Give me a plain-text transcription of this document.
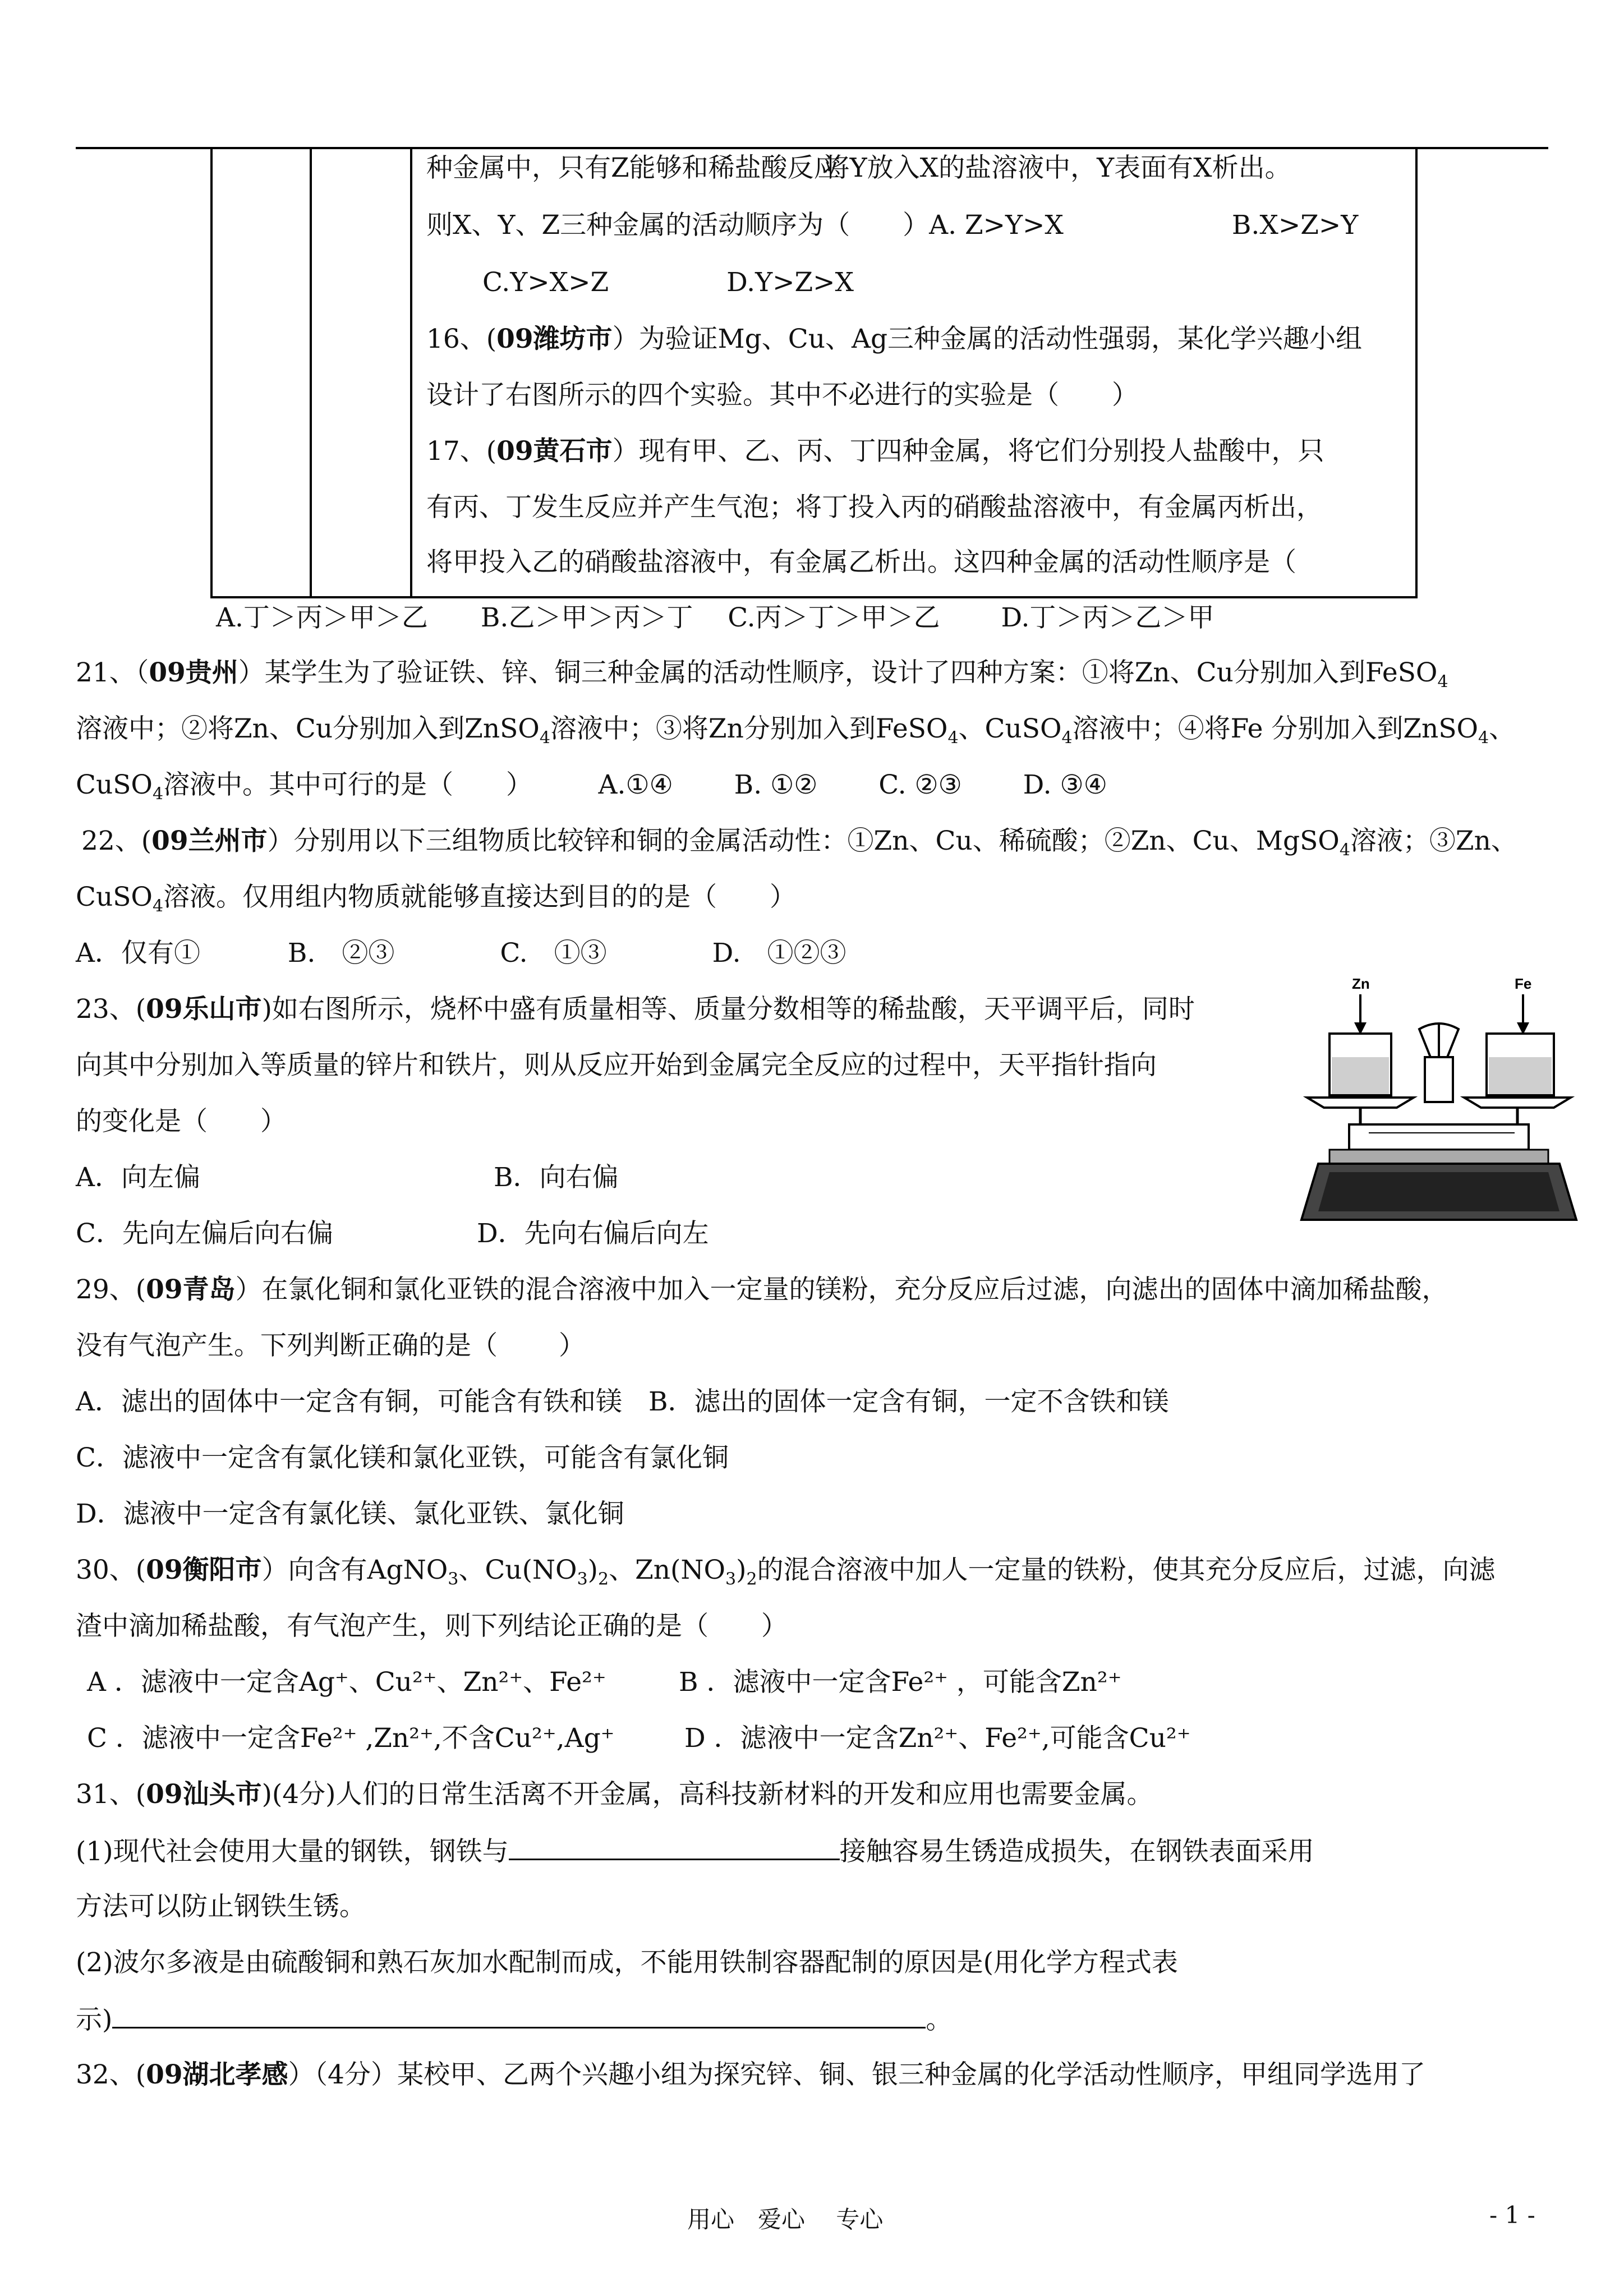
种金属中，只有Z能够和稀盐酸反应将Y放入X的盐溶液中，Y表面有X析出。
则X、Y、Z三种金属的活动顺序为（　　）A. Z>Y>X	B.X>Z>Y
C.Y>X>Z	D.Y>Z>X
16、(09潍坊市）为验证Mg、Cu、Ag三种金属的活动性强弱，某化学兴趣小组
设计了右图所示的四个实验。其中不必进行的实验是（　　）
17、(09黄石市）现有甲、乙、丙、丁四种金属，将它们分别投人盐酸中，只
有丙、丁发生反应并产生气泡；将丁投入丙的硝酸盐溶液中，有金属丙析出，
将甲投入乙的硝酸盐溶液中，有金属乙析出。这四种金属的活动性顺序是（
A.丁＞丙＞甲＞乙　　B.乙＞甲＞丙＞丁　 C.丙＞丁＞甲＞乙　　 D.丁＞丙＞乙＞甲
21、（09贵州）某学生为了验证铁、锌、铜三种金属的活动性顺序，设计了四种方案：①将Zn、Cu分别加入到FeSO$_4$
溶液中；②将Zn、Cu分别加入到ZnSO$_4$溶液中；③将Zn分别加入到FeSO$_4$、CuSO$_4$溶液中；④将Fe 分别加入到ZnSO$_4$、
CuSO$_4$溶液中。其中可行的是（　　）　　　A.①④　　 B. ①②　　 C. ②③　　 D. ③④
22、(09兰州市）分别用以下三组物质比较锌和铜的金属活动性：①Zn、Cu、稀硫酸；②Zn、Cu、MgSO$_4$溶液；③Zn、
CuSO$_4$溶液。仅用组内物质就能够直接达到目的的是（　　）
A．仅有①　　　 B.　②③　　　　C.　①③　　　　D.　①②③
23、(09乐山市)如右图所示，烧杯中盛有质量相等、质量分数相等的稀盐酸，天平调平后，同时
向其中分别加入等质量的锌片和铁片，则从反应开始到金属完全反应的过程中，天平指针指向
的变化是（　　）
A．向左偏	B．向右偏
C．先向左偏后向右偏	D．先向右偏后向左
Zn	Fe
29、(09青岛）在氯化铜和氯化亚铁的混合溶液中加入一定量的镁粉，充分反应后过滤，向滤出的固体中滴加稀盐酸，
没有气泡产生。下列判断正确的是（　　 ）
A．滤出的固体中一定含有铜，可能含有铁和镁　B．滤出的固体一定含有铜，一定不含铁和镁
C．滤液中一定含有氯化镁和氯化亚铁，可能含有氯化铜
D．滤液中一定含有氯化镁、氯化亚铁、氯化铜
30、(09衡阳市）向含有AgNO$_3$、$Cu(NO_3)_2$、$Zn(NO_3)_2$的混合溶液中加人一定量的铁粉，使其充分反应后，过滤，向滤
渣中滴加稀盐酸，有气泡产生，则下列结论正确的是（　　）
A ．滤液中一定含Ag⁺、Cu²⁺、Zn²⁺、Fe²⁺	B ．滤液中一定含Fe²⁺ ，可能含Zn²⁺
C ．滤液中一定含Fe²⁺ ,Zn²⁺,不含Cu²⁺,Ag⁺	D ．滤液中一定含Zn²⁺、Fe²⁺,可能含Cu²⁺
31、(09汕头市)(4分)人们的日常生活离不开金属，高科技新材料的开发和应用也需要金属。
(1)现代社会使用大量的钢铁，钢铁与	接触容易生锈造成损失，在钢铁表面采用
方法可以防止钢铁生锈。
(2)波尔多液是由硫酸铜和熟石灰加水配制而成，不能用铁制容器配制的原因是(用化学方程式表
示)	。
32、(09湖北孝感）（4分）某校甲、乙两个兴趣小组为探究锌、铜、银三种金属的化学活动性顺序，甲组同学选用了
用心　爱心　 专心	- 1 -
